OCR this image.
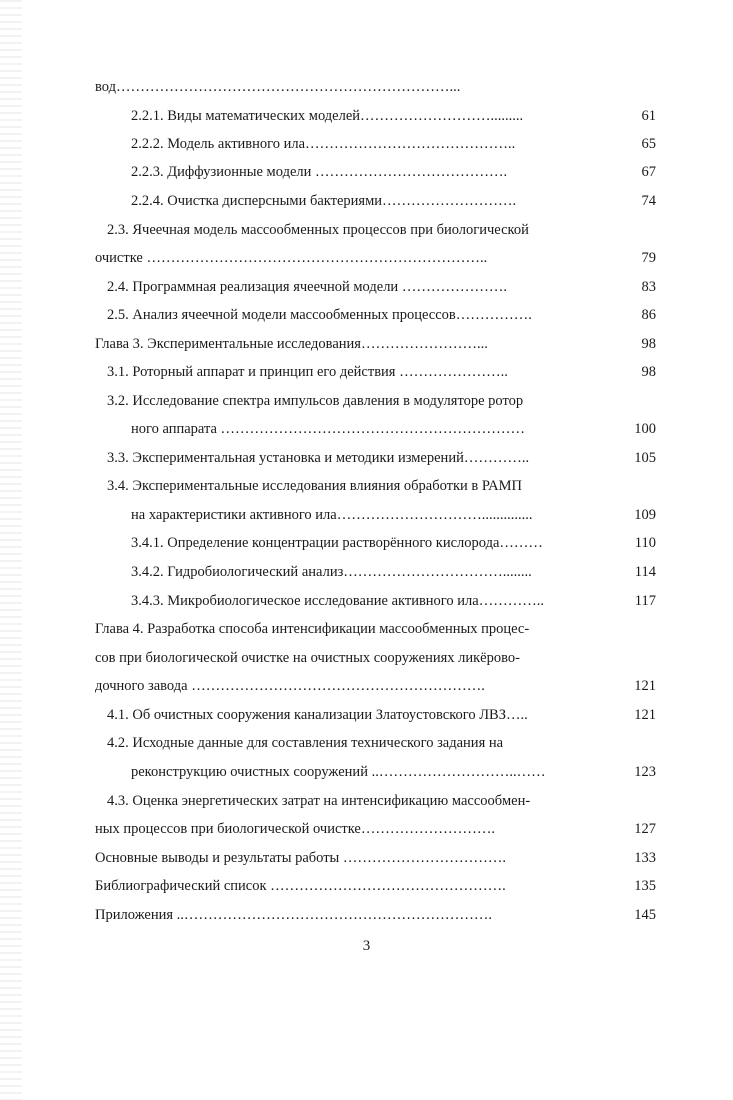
вод……………………………………………………………...
2.2.1. Виды математических моделей……………………….........	61
2.2.2. Модель активного ила……………………………………..	65
2.2.3. Диффузионные модели ………………………………….	67
2.2.4. Очистка дисперсными бактериями……………………….	74
2.3. Ячеечная модель массообменных процессов при биологической
очистке ……………………………………………………………..	79
2.4. Программная реализация ячеечной модели ………………….	83
2.5. Анализ ячеечной модели массообменных процессов…………….	86
Глава 3. Экспериментальные исследования……………………...	98
3.1. Роторный аппарат и принцип его действия …………………..	98
3.2. Исследование спектра импульсов давления в модуляторе ротор
ного аппарата ………………………………………………………	100
3.3. Экспериментальная установка и методики измерений…………..	105
3.4. Экспериментальные исследования влияния обработки в РАМП
на характеристики активного ила…………………………..............	109
3.4.1. Определение концентрации растворённого кислорода………	110
3.4.2. Гидробиологический анализ……………………………........	114
3.4.3. Микробиологическое исследование активного ила…………..	117
Глава 4. Разработка способа интенсификации массообменных процес-
сов при биологической очистке на очистных сооружениях ликёрово-
дочного завода …………………………………………………….	121
4.1. Об очистных сооружения канализации Златоустовского ЛВЗ…..	121
4.2. Исходные данные для составления технического задания на
реконструкцию очистных сооружений ..………………………..……	123
4.3. Оценка энергетических затрат на интенсификацию массообмен-
ных процессов при биологической очистке……………………….	127
Основные выводы и результаты работы …………………………….	133
Библиографический список ………………………………………….	135
Приложения ..……………………………………………………….	145
3
